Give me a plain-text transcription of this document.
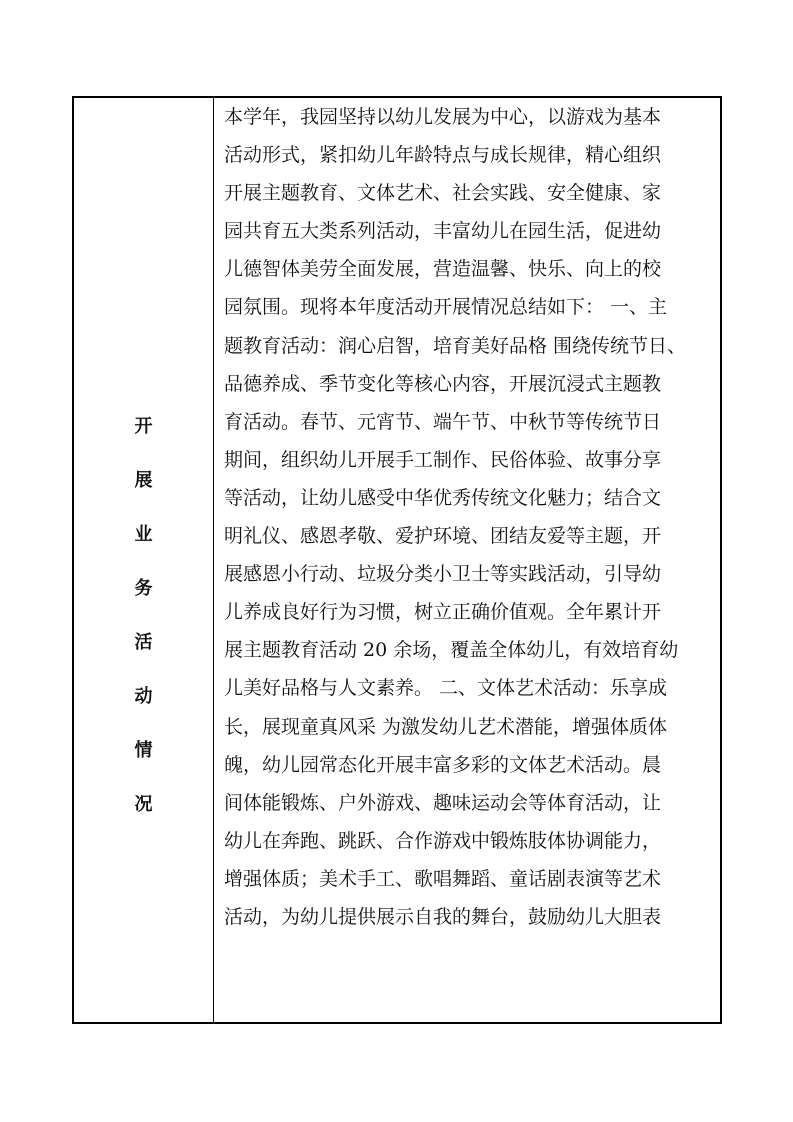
开
展
业
务
活
动
情
况
本学年，我园坚持以幼儿发展为中心，以游戏为基本
活动形式，紧扣幼儿年龄特点与成长规律，精心组织
开展主题教育、文体艺术、社会实践、安全健康、家
园共育五大类系列活动，丰富幼儿在园生活，促进幼
儿德智体美劳全面发展，营造温馨、快乐、向上的校
园氛围。现将本年度活动开展情况总结如下： 一、主
题教育活动：润心启智，培育美好品格 围绕传统节日、
品德养成、季节变化等核心内容，开展沉浸式主题教
育活动。春节、元宵节、端午节、中秋节等传统节日
期间，组织幼儿开展手工制作、民俗体验、故事分享
等活动，让幼儿感受中华优秀传统文化魅力；结合文
明礼仪、感恩孝敬、爱护环境、团结友爱等主题，开
展感恩小行动、垃圾分类小卫士等实践活动，引导幼
儿养成良好行为习惯，树立正确价值观。全年累计开
展主题教育活动 20 余场，覆盖全体幼儿，有效培育幼
儿美好品格与人文素养。 二、文体艺术活动：乐享成
长，展现童真风采 为激发幼儿艺术潜能，增强体质体
魄，幼儿园常态化开展丰富多彩的文体艺术活动。晨
间体能锻炼、户外游戏、趣味运动会等体育活动，让
幼儿在奔跑、跳跃、合作游戏中锻炼肢体协调能力，
增强体质；美术手工、歌唱舞蹈、童话剧表演等艺术
活动，为幼儿提供展示自我的舞台，鼓励幼儿大胆表
